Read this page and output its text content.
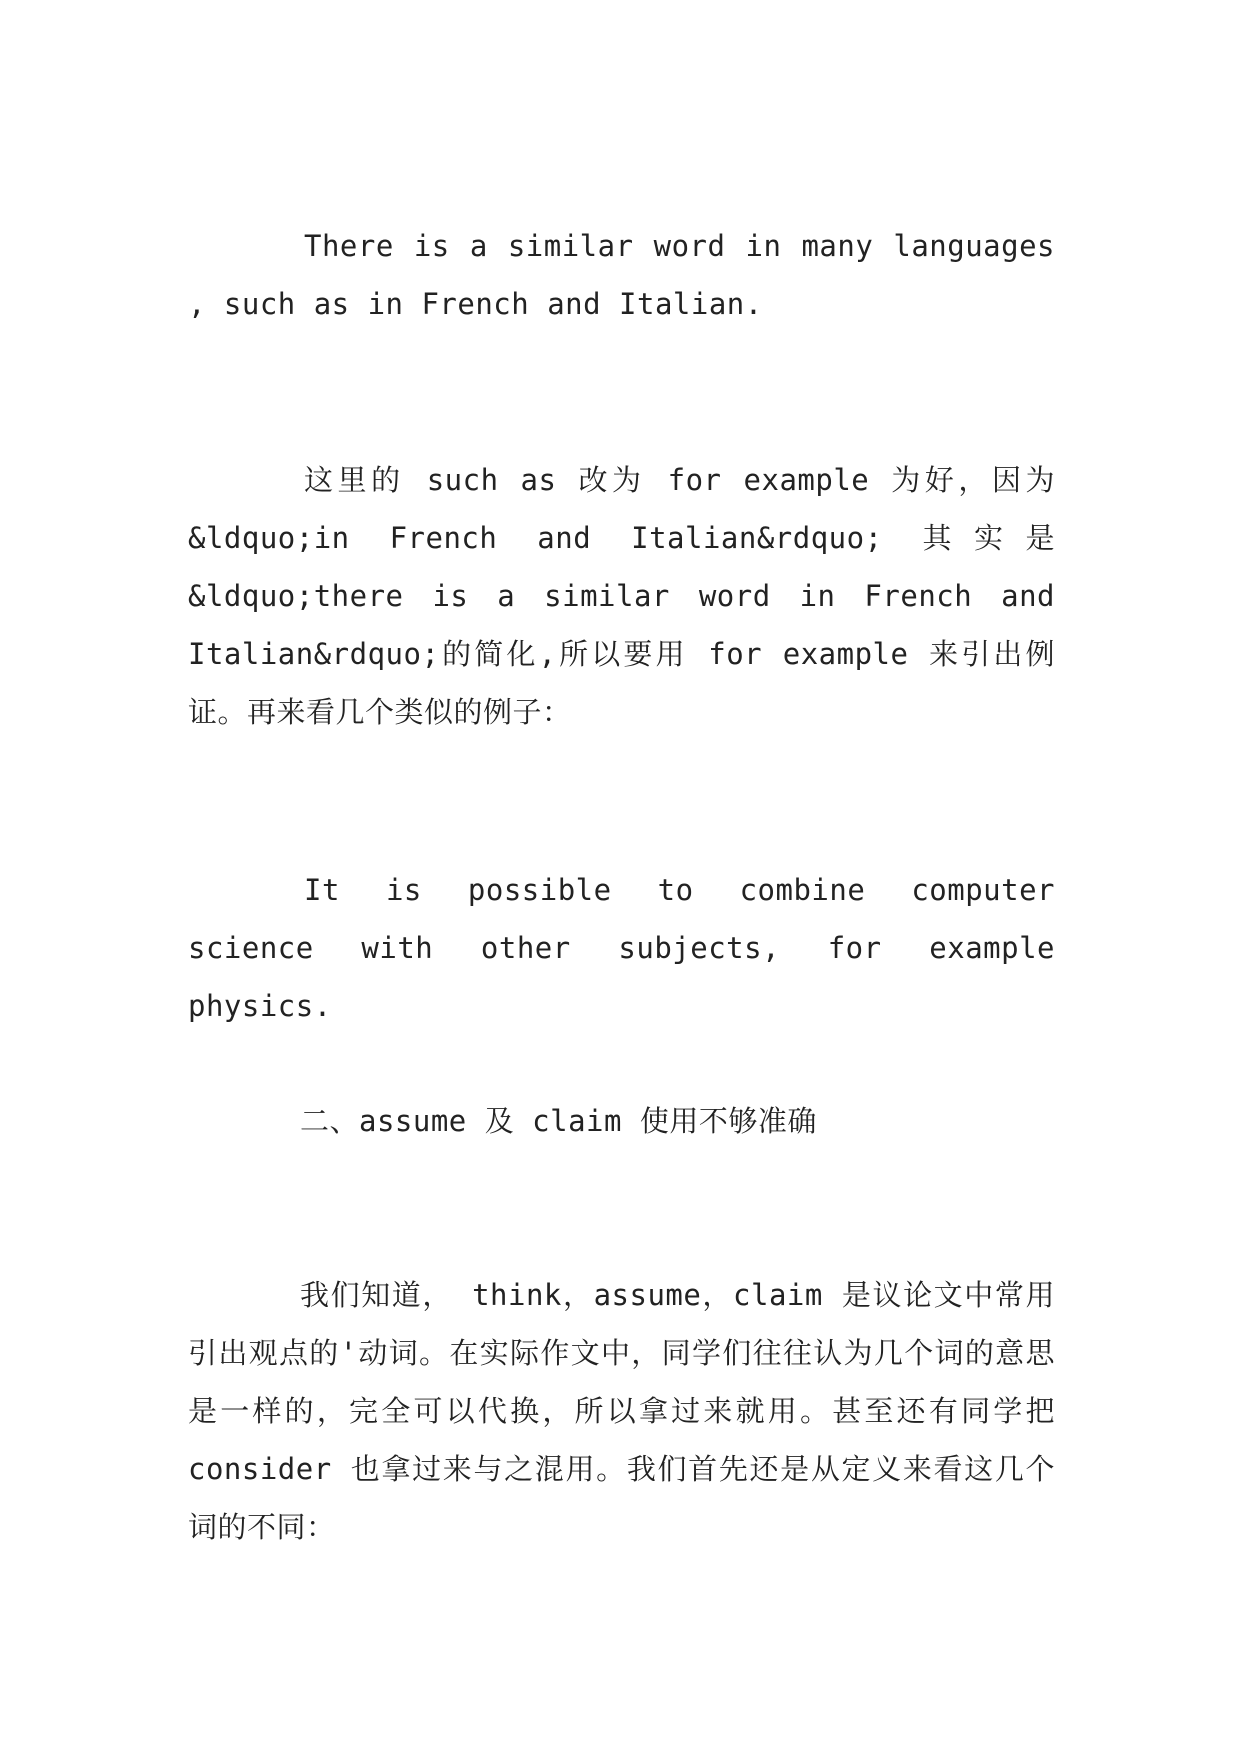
There is a similar word in many languages , such as in French and Italian.

这里的 such as 改为 for example 为好，因为 &ldquo;in French and Italian&rdquo; 其实是 &ldquo;there is a similar word in French and Italian&rdquo;的简化,所以要用 for example 来引出例证。再来看几个类似的例子：

It is possible to combine computer science with other subjects, for example physics.

二、assume 及 claim 使用不够准确

我们知道， think，assume，claim 是议论文中常用引出观点的'动词。在实际作文中，同学们往往认为几个词的意思是一样的，完全可以代换，所以拿过来就用。甚至还有同学把 consider 也拿过来与之混用。我们首先还是从定义来看这几个词的不同：
